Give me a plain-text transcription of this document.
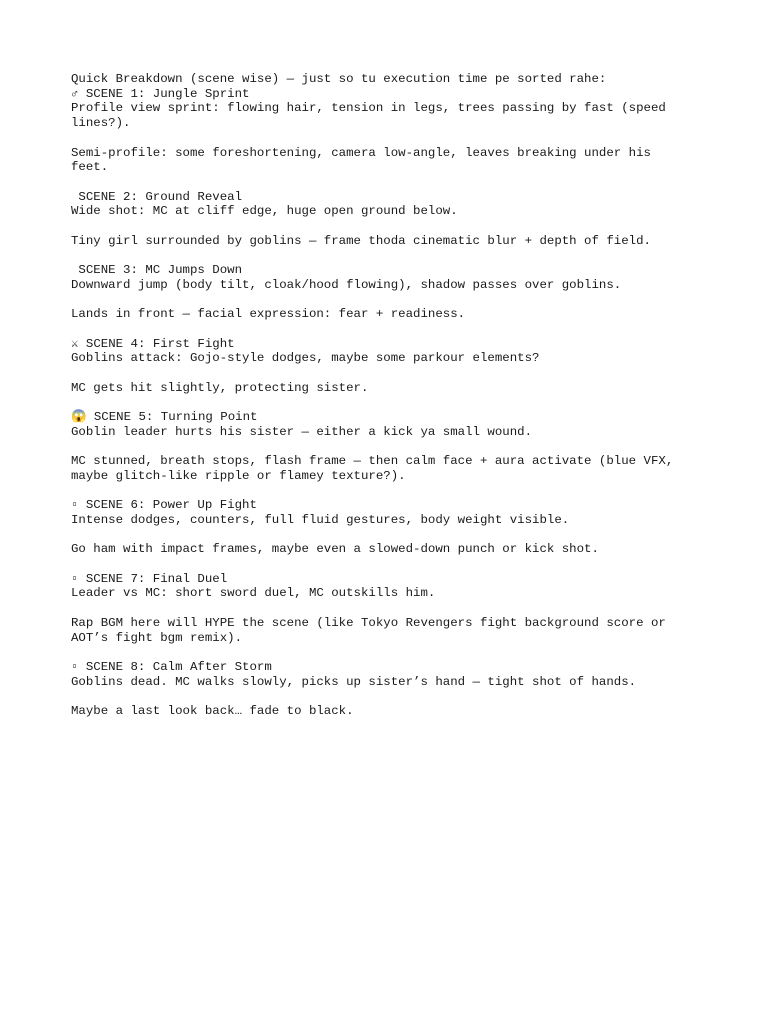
Quick Breakdown (scene wise) — just so tu execution time pe sorted rahe:
♂ SCENE 1: Jungle Sprint
Profile view sprint: flowing hair, tension in legs, trees passing by fast (speed
lines?).
Semi-profile: some foreshortening, camera low-angle, leaves breaking under his
feet.
SCENE 2: Ground Reveal
Wide shot: MC at cliff edge, huge open ground below.
Tiny girl surrounded by goblins — frame thoda cinematic blur + depth of field.
SCENE 3: MC Jumps Down
Downward jump (body tilt, cloak/hood flowing), shadow passes over goblins.
Lands in front — facial expression: fear + readiness.
⚔ SCENE 4: First Fight
Goblins attack: Gojo-style dodges, maybe some parkour elements?
MC gets hit slightly, protecting sister.
😱 SCENE 5: Turning Point
Goblin leader hurts his sister — either a kick ya small wound.
MC stunned, breath stops, flash frame — then calm face + aura activate (blue VFX,
maybe glitch-like ripple or flamey texture?).
▫ SCENE 6: Power Up Fight
Intense dodges, counters, full fluid gestures, body weight visible.
Go ham with impact frames, maybe even a slowed-down punch or kick shot.
▫ SCENE 7: Final Duel
Leader vs MC: short sword duel, MC outskills him.
Rap BGM here will HYPE the scene (like Tokyo Revengers fight background score or
AOT’s fight bgm remix).
▫ SCENE 8: Calm After Storm
Goblins dead. MC walks slowly, picks up sister’s hand — tight shot of hands.
Maybe a last look back… fade to black.
